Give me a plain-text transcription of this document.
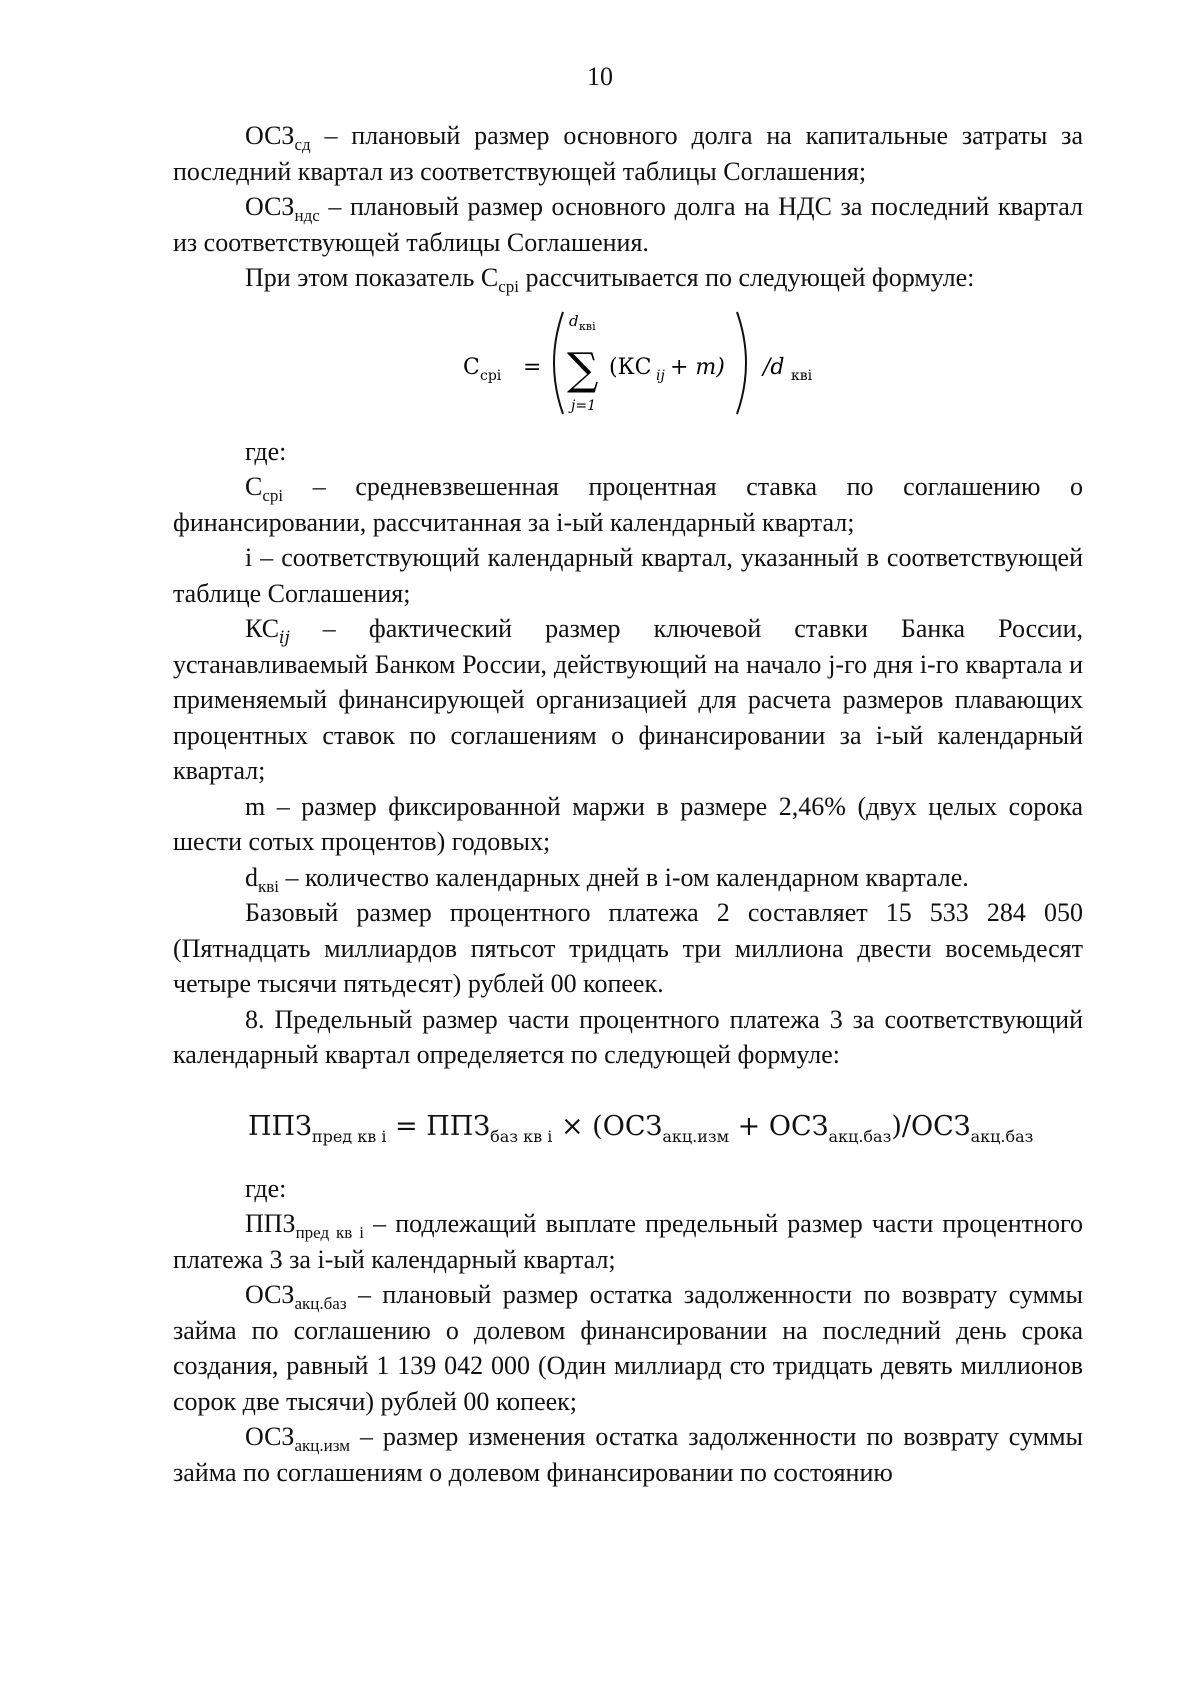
10

$ОСЗ_{сд}$ – плановый размер основного долга на капитальные затраты за последний квартал из соответствующей таблицы Соглашения;

$ОСЗ_{ндс}$ – плановый размер основного долга на НДС за последний квартал из соответствующей таблицы Соглашения.

При этом показатель $С_{срi}$ рассчитывается по следующей формуле:

С срi =
d квi
∑
j=1
(КС ij + m) /d квi

где:

$С_{срi}$ – средневзвешенная процентная ставка по соглашению о финансировании, рассчитанная за i-ый календарный квартал;

i – соответствующий календарный квартал, указанный в соответствующей таблице Соглашения;

$КС_{ij}$ – фактический размер ключевой ставки Банка России, устанавливаемый Банком России, действующий на начало j-го дня i-го квартала и применяемый финансирующей организацией для расчета размеров плавающих процентных ставок по соглашениям о финансировании за i-ый календарный квартал;

m – размер фиксированной маржи в размере 2,46% (двух целых сорока шести сотых процентов) годовых;

$d_{квi}$ – количество календарных дней в i-ом календарном квартале.

Базовый размер процентного платежа 2 составляет 15 533 284 050 (Пятнадцать миллиардов пятьсот тридцать три миллиона двести восемьдесят четыре тысячи пятьдесят) рублей 00 копеек.

8. Предельный размер части процентного платежа 3 за соответствующий календарный квартал определяется по следующей формуле:

$ППЗ_{пред кв i} = ППЗ_{баз кв i} \times (ОСЗ_{акц.изм} + ОСЗ_{акц.баз})/ОСЗ_{акц.баз}$

где:

$ППЗ_{пред кв i}$ – подлежащий выплате предельный размер части процентного платежа 3 за i-ый календарный квартал;

$ОСЗ_{акц.баз}$ – плановый размер остатка задолженности по возврату суммы займа по соглашению о долевом финансировании на последний день срока создания, равный 1 139 042 000 (Один миллиард сто тридцать девять миллионов сорок две тысячи) рублей 00 копеек;

$ОСЗ_{акц.изм}$ – размер изменения остатка задолженности по возврату суммы займа по соглашениям о долевом финансировании по состоянию
